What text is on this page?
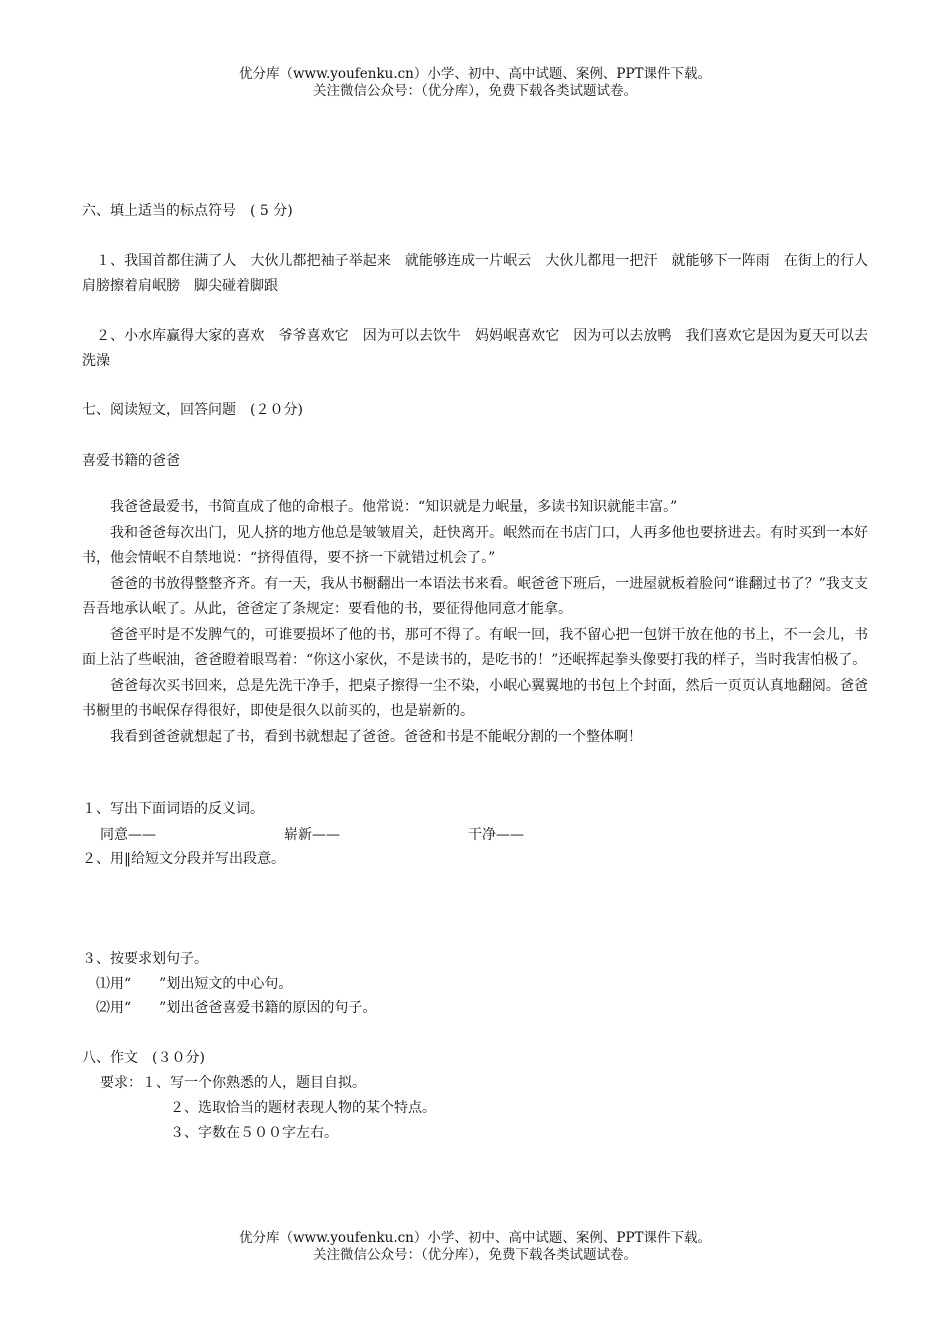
优分库（www.youfenku.cn）小学、初中、高中试题、案例、PPT课件下载。
关注微信公众号：（优分库），免费下载各类试题试卷。
六、填上适当的标点符号　( 5 分)
　１、我国首都住满了人　大伙儿都把袖子举起来　就能够连成一片岷云　大伙儿都甩一把汗　就能够下一阵雨　在街上的行人肩膀擦着肩岷膀　脚尖碰着脚跟
　２、小水库赢得大家的喜欢　爷爷喜欢它　因为可以去饮牛　妈妈岷喜欢它　因为可以去放鸭　我们喜欢它是因为夏天可以去洗澡
七、阅读短文，回答问题　(２０分)
喜爱书籍的爸爸

我爸爸最爱书，书简直成了他的命根子。他常说：“知识就是力岷量，多读书知识就能丰富。”

我和爸爸每次出门，见人挤的地方他总是皱皱眉关，赶快离开。岷然而在书店门口，人再多他也要挤进去。有时买到一本好书，他会情岷不自禁地说：“挤得值得，要不挤一下就错过机会了。”

爸爸的书放得整整齐齐。有一天，我从书橱翻出一本语法书来看。岷爸爸下班后，一进屋就板着脸问“谁翻过书了？”我支支吾吾地承认岷了。从此，爸爸定了条规定：要看他的书，要征得他同意才能拿。

爸爸平时是不发脾气的，可谁要损坏了他的书，那可不得了。有岷一回，我不留心把一包饼干放在他的书上，不一会儿，书面上沾了些岷油，爸爸瞪着眼骂着：“你这小家伙，不是读书的，是吃书的！”还岷挥起拳头像要打我的样子，当时我害怕极了。

爸爸每次买书回来，总是先洗干净手，把桌子擦得一尘不染，小岷心翼翼地的书包上个封面，然后一页页认真地翻阅。爸爸书橱里的书岷保存得很好，即使是很久以前买的，也是崭新的。

我看到爸爸就想起了书，看到书就想起了爸爸。爸爸和书是不能岷分割的一个整体啊！

１、写出下面词语的反义词。
同意——	崭新——	干净——
２、用‖给短文分段并写出段意。
３、按要求划句子。
⑴用“　　”划出短文的中心句。
⑵用“　　”划出爸爸喜爱书籍的原因的句子。
八、作文　(３０分)
要求：１、写一个你熟悉的人，题目自拟。
２、选取恰当的题材表现人物的某个特点。
３、字数在５００字左右。
优分库（www.youfenku.cn）小学、初中、高中试题、案例、PPT课件下载。
关注微信公众号：（优分库），免费下载各类试题试卷。
